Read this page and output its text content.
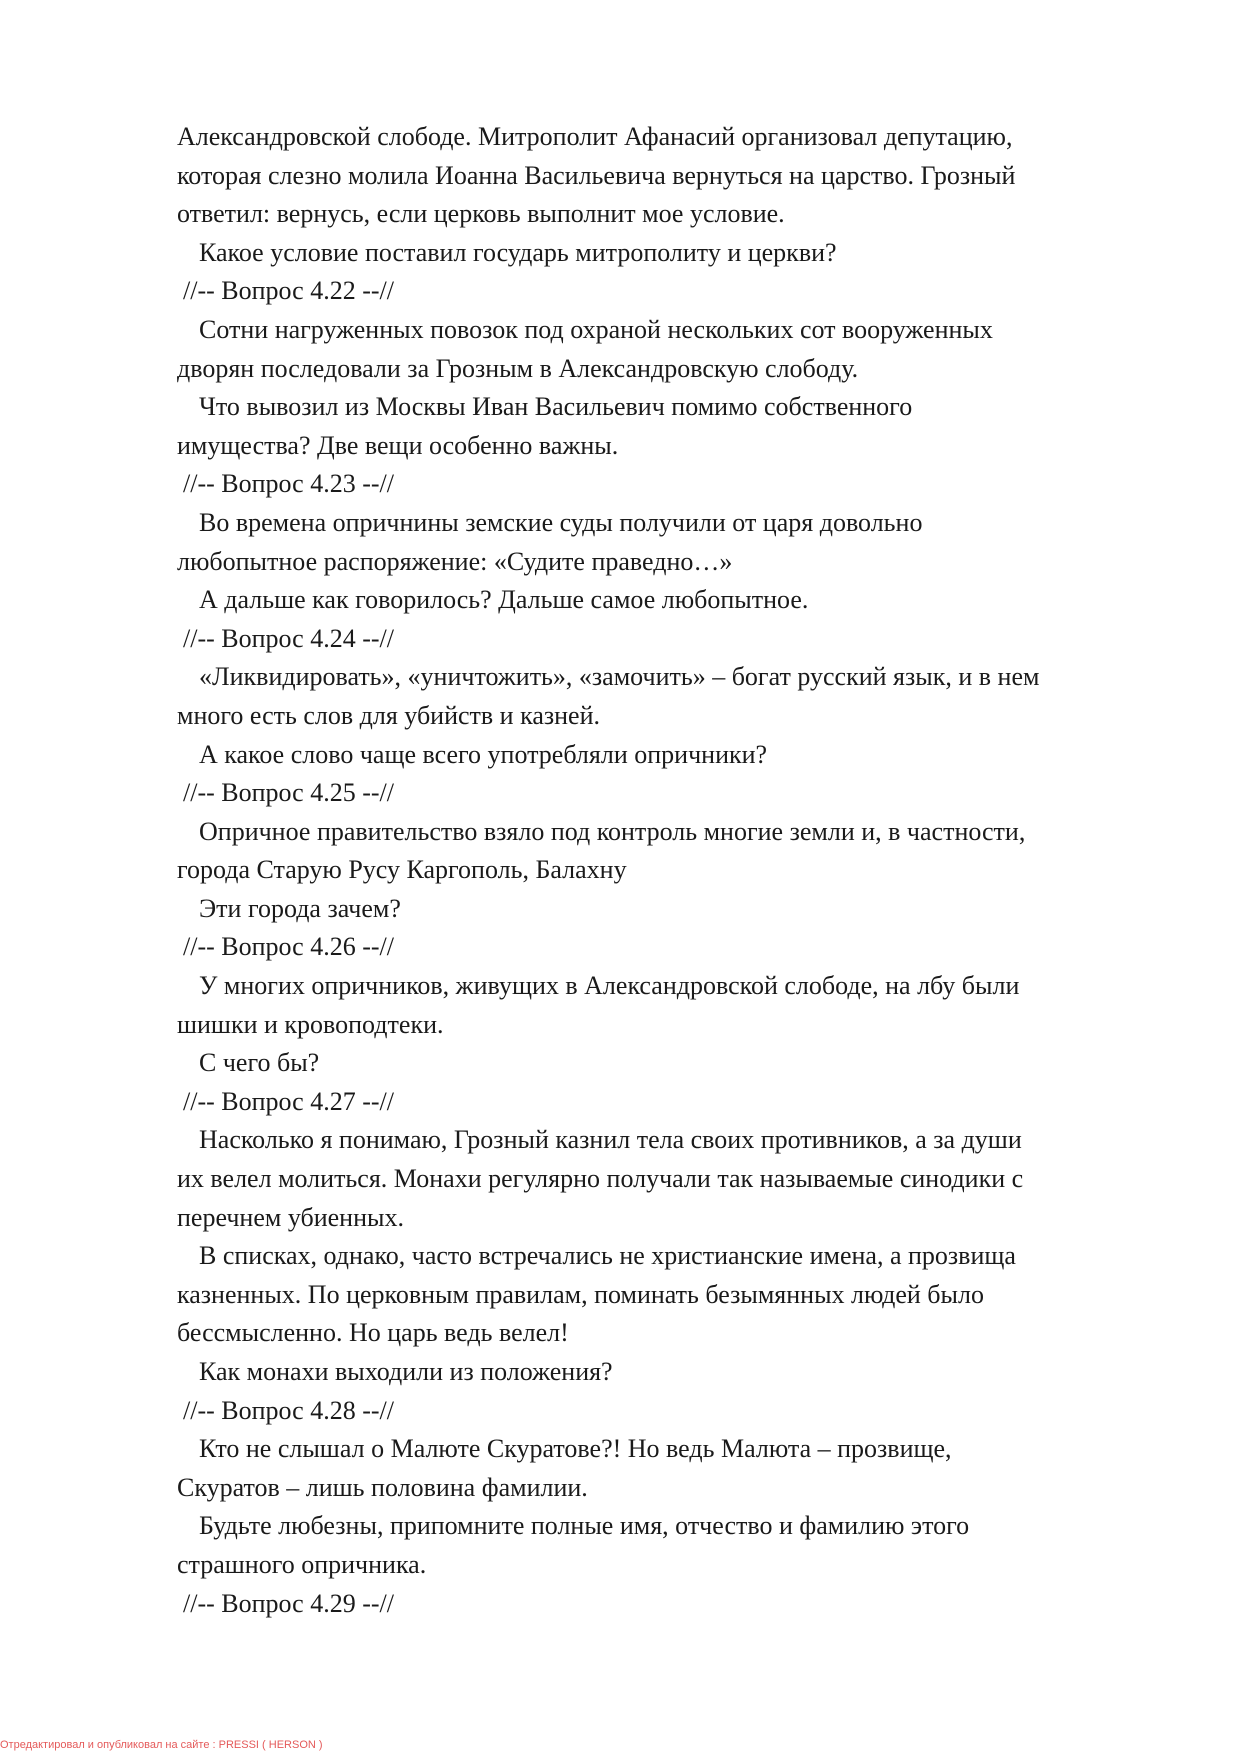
Александровской слободе. Митрополит Афанасий организовал депутацию,

которая слезно молила Иоанна Васильевича вернуться на царство. Грозный

ответил: вернусь, если церковь выполнит мое условие.

Какое условие поставил государь митрополиту и церкви?

//-- Вопрос 4.22 --//

Сотни нагруженных повозок под охраной нескольких сот вооруженных

дворян последовали за Грозным в Александровскую слободу.

Что вывозил из Москвы Иван Васильевич помимо собственного

имущества? Две вещи особенно важны.

//-- Вопрос 4.23 --//

Во времена опричнины земские суды получили от царя довольно

любопытное распоряжение: «Судите праведно…»

А дальше как говорилось? Дальше самое любопытное.

//-- Вопрос 4.24 --//

«Ликвидировать», «уничтожить», «замочить» – богат русский язык, и в нем

много есть слов для убийств и казней.

А какое слово чаще всего употребляли опричники?

//-- Вопрос 4.25 --//

Опричное правительство взяло под контроль многие земли и, в частности,

города Старую Русу Каргополь, Балахну

Эти города зачем?

//-- Вопрос 4.26 --//

У многих опричников, живущих в Александровской слободе, на лбу были

шишки и кровоподтеки.

С чего бы?

//-- Вопрос 4.27 --//

Насколько я понимаю, Грозный казнил тела своих противников, а за души

их велел молиться. Монахи регулярно получали так называемые синодики с

перечнем убиенных.

В списках, однако, часто встречались не христианские имена, а прозвища

казненных. По церковным правилам, поминать безымянных людей было

бессмысленно. Но царь ведь велел!

Как монахи выходили из положения?

//-- Вопрос 4.28 --//

Кто не слышал о Малюте Скуратове?! Но ведь Малюта – прозвище,

Скуратов – лишь половина фамилии.

Будьте любезны, припомните полные имя, отчество и фамилию этого

страшного опричника.

//-- Вопрос 4.29 --//

Отредактировал и опубликовал на сайте : PRESSI ( HERSON )
